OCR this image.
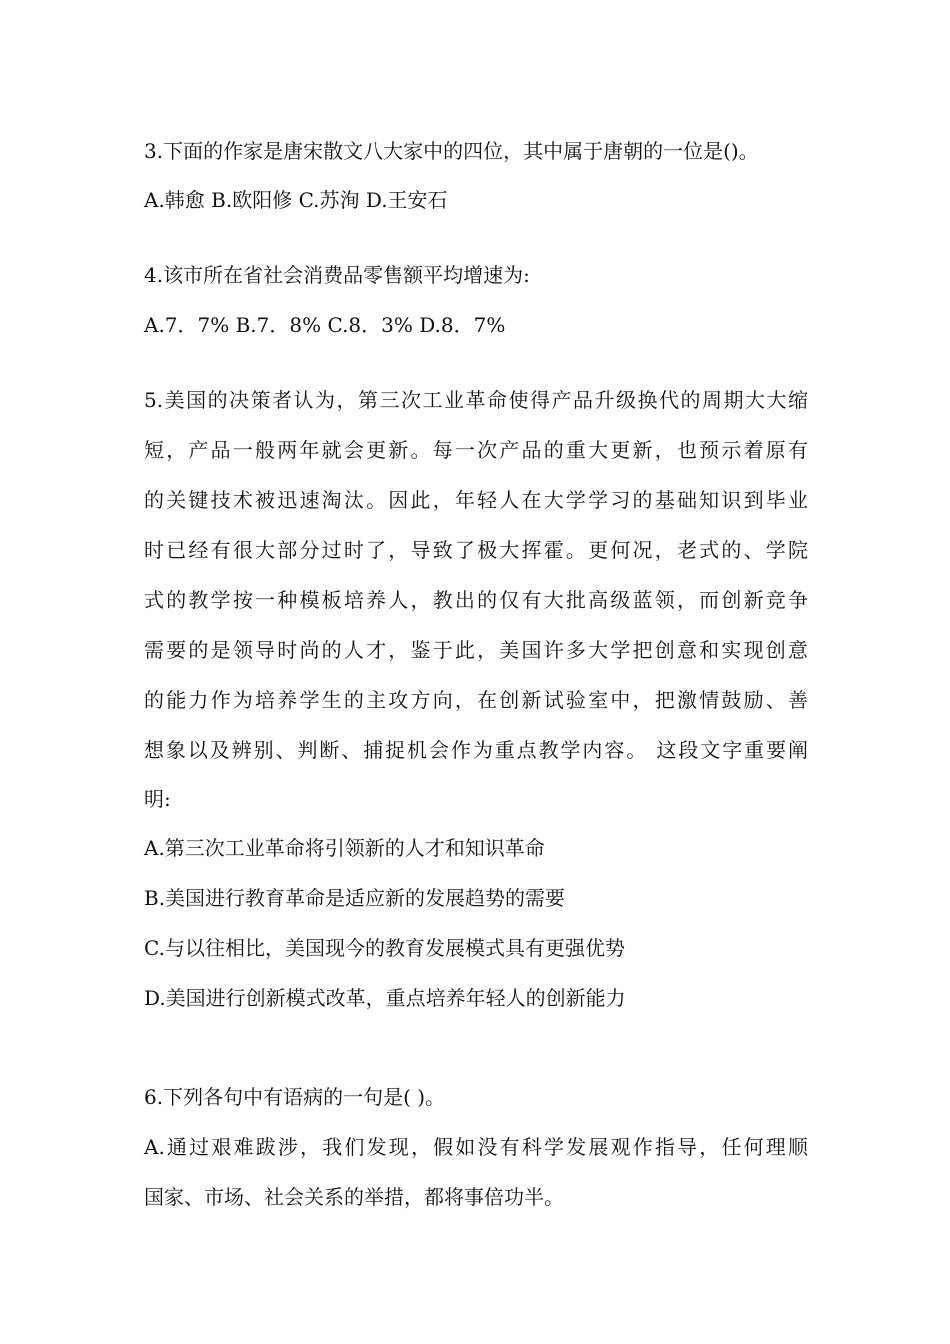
3.下面的作家是唐宋散文八大家中的四位，其中属于唐朝的一位是()。
A.韩愈 B.欧阳修 C.苏洵 D.王安石
4.该市所在省社会消费品零售额平均增速为:
A.7．7% B.7．8% C.8．3% D.8．7%
5.美国的决策者认为，第三次工业革命使得产品升级换代的周期大大缩
短，产品一般两年就会更新。每一次产品的重大更新，也预示着原有
的关键技术被迅速淘汰。因此，年轻人在大学学习的基础知识到毕业
时已经有很大部分过时了，导致了极大挥霍。更何况，老式的、学院
式的教学按一种模板培养人，教出的仅有大批高级蓝领，而创新竞争
需要的是领导时尚的人才，鉴于此，美国许多大学把创意和实现创意
的能力作为培养学生的主攻方向，在创新试验室中，把激情鼓励、善
想象以及辨别、判断、捕捉机会作为重点教学内容。 这段文字重要阐
明:
A.第三次工业革命将引领新的人才和知识革命
B.美国进行教育革命是适应新的发展趋势的需要
C.与以往相比，美国现今的教育发展模式具有更强优势
D.美国进行创新模式改革，重点培养年轻人的创新能力
6.下列各句中有语病的一句是( )。
A.通过艰难跋涉，我们发现，假如没有科学发展观作指导，任何理顺
国家、市场、社会关系的举措，都将事倍功半。
